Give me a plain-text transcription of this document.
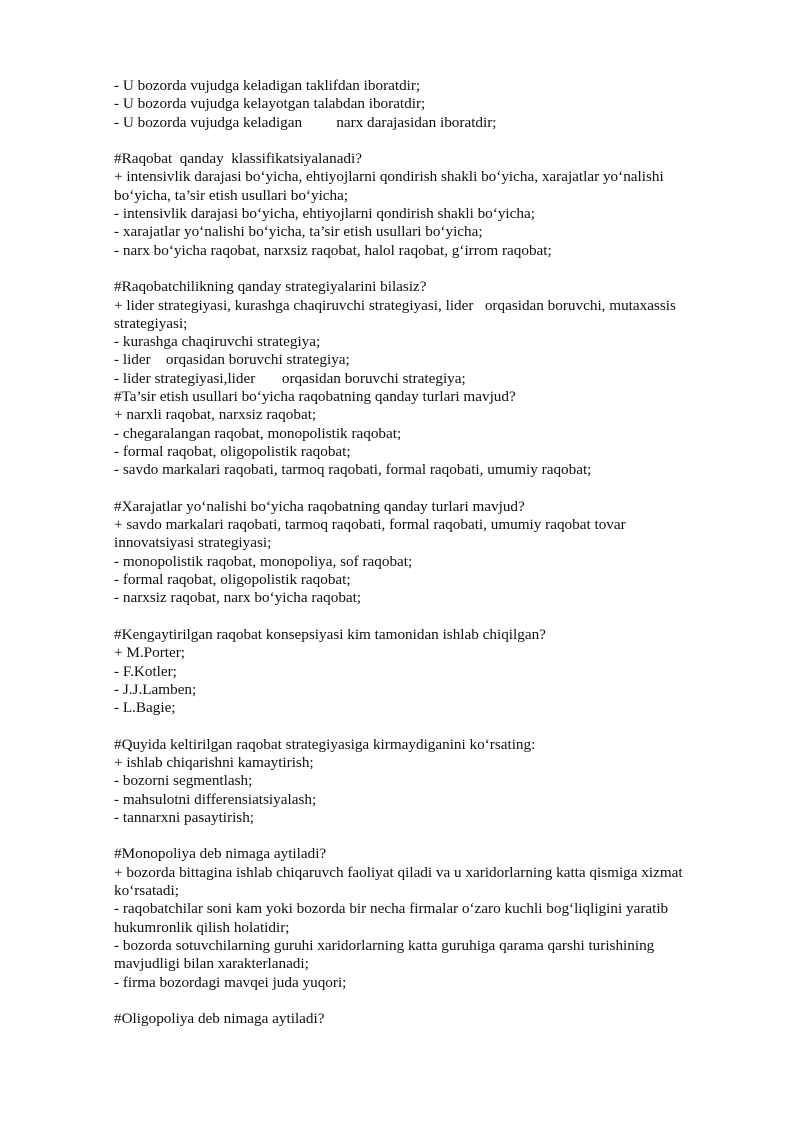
- U bozorda vujudga keladigan taklifdan iboratdir;
- U bozorda vujudga kelayotgan talabdan iboratdir;
- U bozorda vujudga keladigan         narx darajasidan iboratdir;
#Raqobat  qanday  klassifikatsiyalanadi?
+ intensivlik darajasi bo‘yicha, ehtiyojlarni qondirish shakli bo‘yicha, xarajatlar yo‘nalishi
bo‘yicha, ta’sir etish usullari bo‘yicha;
- intensivlik darajasi bo‘yicha, ehtiyojlarni qondirish shakli bo‘yicha;
- xarajatlar yo‘nalishi bo‘yicha, ta’sir etish usullari bo‘yicha;
- narx bo‘yicha raqobat, narxsiz raqobat, halol raqobat, g‘irrom raqobat;
#Raqobatchilikning qanday strategiyalarini bilasiz?
+ lider strategiyasi, kurashga chaqiruvchi strategiyasi, lider   orqasidan boruvchi, mutaxassis
strategiyasi;
- kurashga chaqiruvchi strategiya;
- lider    orqasidan boruvchi strategiya;
- lider strategiyasi,lider       orqasidan boruvchi strategiya;
#Ta’sir etish usullari bo‘yicha raqobatning qanday turlari mavjud?
+ narxli raqobat, narxsiz raqobat;
- chegaralangan raqobat, monopolistik raqobat;
- formal raqobat, oligopolistik raqobat;
- savdo markalari raqobati, tarmoq raqobati, formal raqobati, umumiy raqobat;
#Xarajatlar yo‘nalishi bo‘yicha raqobatning qanday turlari mavjud?
+ savdo markalari raqobati, tarmoq raqobati, formal raqobati, umumiy raqobat tovar
innovatsiyasi strategiyasi;
- monopolistik raqobat, monopoliya, sof raqobat;
- formal raqobat, oligopolistik raqobat;
- narxsiz raqobat, narx bo‘yicha raqobat;
#Kengaytirilgan raqobat konsepsiyasi kim tamonidan ishlab chiqilgan?
+ M.Porter;
- F.Kotler;
- J.J.Lamben;
- L.Bagie;
#Quyida keltirilgan raqobat strategiyasiga kirmaydiganini ko‘rsating:
+ ishlab chiqarishni kamaytirish;
- bozorni segmentlash;
- mahsulotni differensiatsiyalash;
- tannarxni pasaytirish;
#Monopoliya deb nimaga aytiladi?
+ bozorda bittagina ishlab chiqaruvch faoliyat qiladi va u xaridorlarning katta qismiga xizmat
ko‘rsatadi;
- raqobatchilar soni kam yoki bozorda bir necha firmalar o‘zaro kuchli bog‘liqligini yaratib
hukumronlik qilish holatidir;
- bozorda sotuvchilarning guruhi xaridorlarning katta guruhiga qarama qarshi turishining
mavjudligi bilan xarakterlanadi;
- firma bozordagi mavqei juda yuqori;
#Oligopoliya deb nimaga aytiladi?
